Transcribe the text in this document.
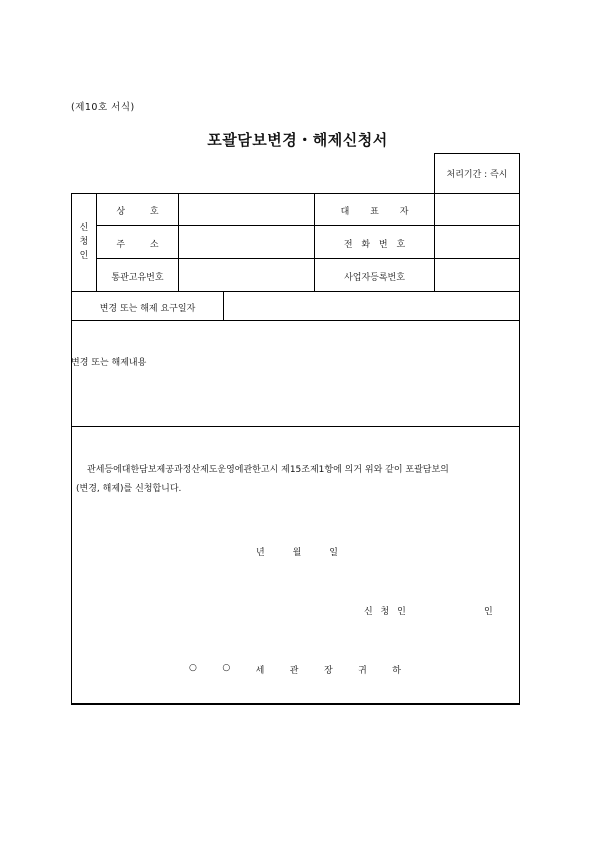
(제10호 서식)
포괄담보변경・해제신청서
처리기간 : 즉시
신
청
인
상 호	대 표 자
주 소	전 화 번 호
통관고유번호	사업자등록번호
변경 또는 해제 요구일자
변경 또는 해제내용
관세등에대한담보제공과정산제도운영에관한고시 제15조제1항에 의거 위와 같이 포괄담보의
(변경, 해제)를 신청합니다.
년	월	일
신 청 인	인
○	○	세	관	장	귀	하
